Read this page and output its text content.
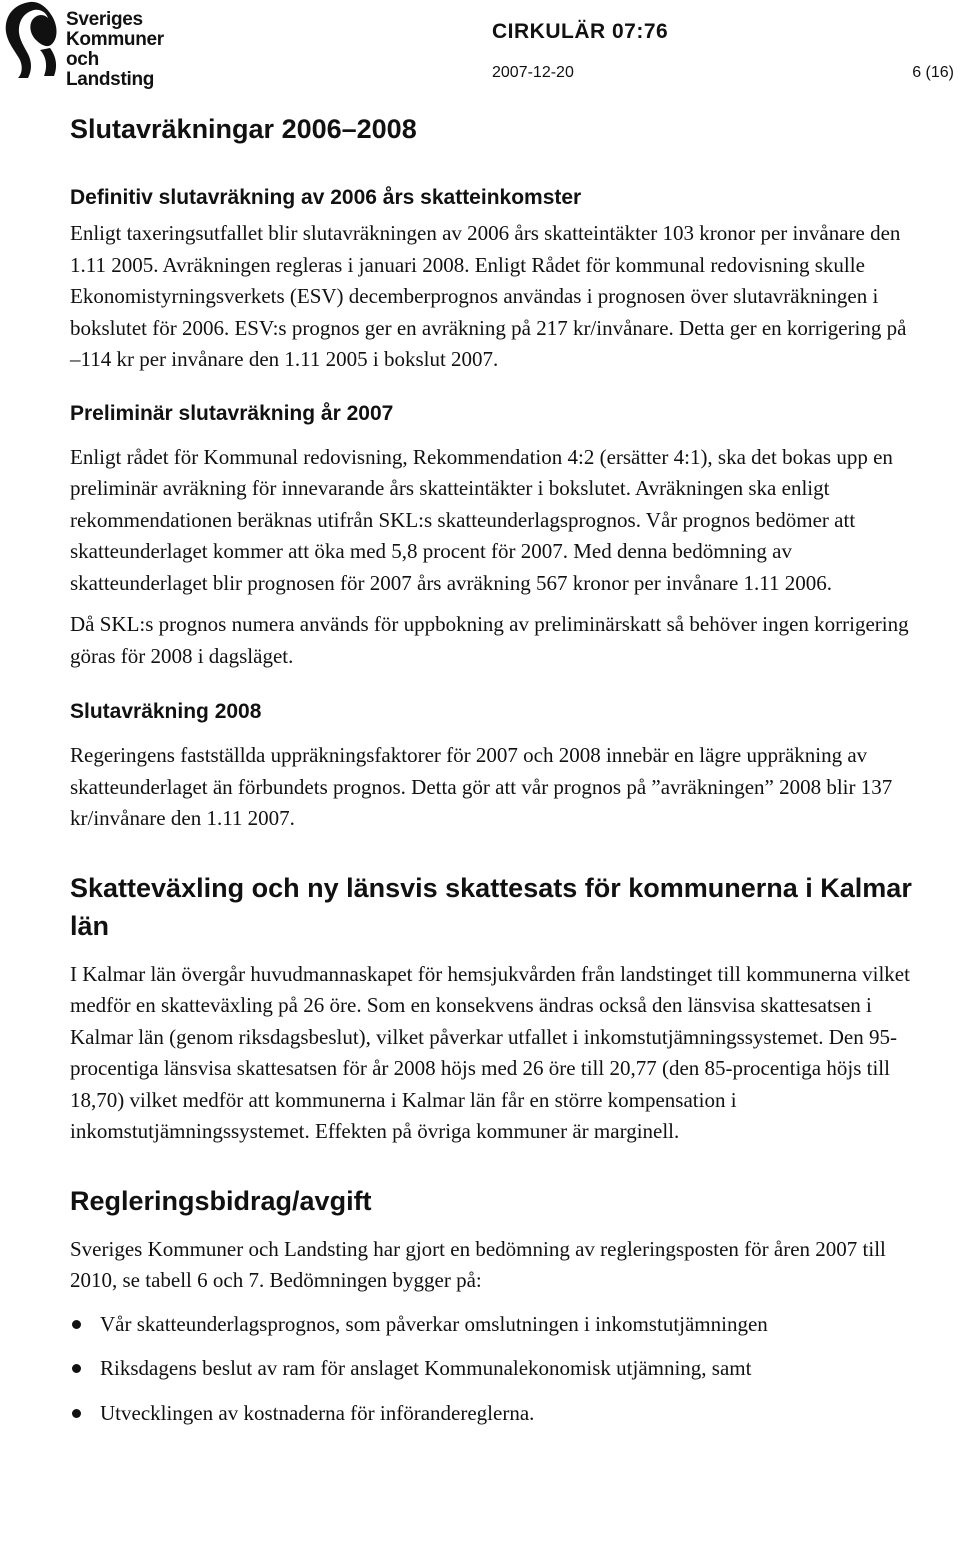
Sveriges
Kommuner
och Landsting
CIRKULÄR 07:76
2007-12-20	6 (16)
Slutavräkningar 2006–2008
Definitiv slutavräkning av 2006 års skatteinkomster

Enligt taxeringsutfallet blir slutavräkningen av 2006 års skatteintäkter 103 kronor per invånare den 1.11 2005. Avräkningen regleras i januari 2008. Enligt Rådet för kommunal redovisning skulle Ekonomistyrningsverkets (ESV) decemberprognos användas i prognosen över slutavräkningen i bokslutet för 2006. ESV:s prognos ger en avräkning på 217 kr/invånare. Detta ger en korrigering på –114 kr per invånare den 1.11 2005 i bokslut 2007.

Preliminär slutavräkning år 2007

Enligt rådet för Kommunal redovisning, Rekommendation 4:2 (ersätter 4:1), ska det bokas upp en preliminär avräkning för innevarande års skatteintäkter i bokslutet. Avräkningen ska enligt rekommendationen beräknas utifrån SKL:s skatteunderlagsprognos. Vår prognos bedömer att skatteunderlaget kommer att öka med 5,8 procent för 2007. Med denna bedömning av skatteunderlaget blir prognosen för 2007 års avräkning 567 kronor per invånare 1.11 2006.

Då SKL:s prognos numera används för uppbokning av preliminärskatt så behöver ingen korrigering göras för 2008 i dagsläget.

Slutavräkning 2008

Regeringens fastställda uppräkningsfaktorer för 2007 och 2008 innebär en lägre uppräkning av skatteunderlaget än förbundets prognos. Detta gör att vår prognos på ”avräkningen” 2008 blir 137 kr/invånare den 1.11 2007.

Skatteväxling och ny länsvis skattesats för kommunerna i Kalmar län

I Kalmar län övergår huvudmannaskapet för hemsjukvården från landstinget till kommunerna vilket medför en skatteväxling på 26 öre. Som en konsekvens ändras också den länsvisa skattesatsen i Kalmar län (genom riksdagsbeslut), vilket påverkar utfallet i inkomstutjämningssystemet. Den 95-procentiga länsvisa skattesatsen för år 2008 höjs med 26 öre till 20,77 (den 85-procentiga höjs till 18,70) vilket medför att kommunerna i Kalmar län får en större kompensation i inkomstutjämningssystemet. Effekten på övriga kommuner är marginell.

Regleringsbidrag/avgift

Sveriges Kommuner och Landsting har gjort en bedömning av regleringsposten för åren 2007 till 2010, se tabell 6 och 7. Bedömningen bygger på:

Vår skatteunderlagsprognos, som påverkar omslutningen i inkomstutjämningen
Riksdagens beslut av ram för anslaget Kommunalekonomisk utjämning, samt
Utvecklingen av kostnaderna för införandereglerna.
